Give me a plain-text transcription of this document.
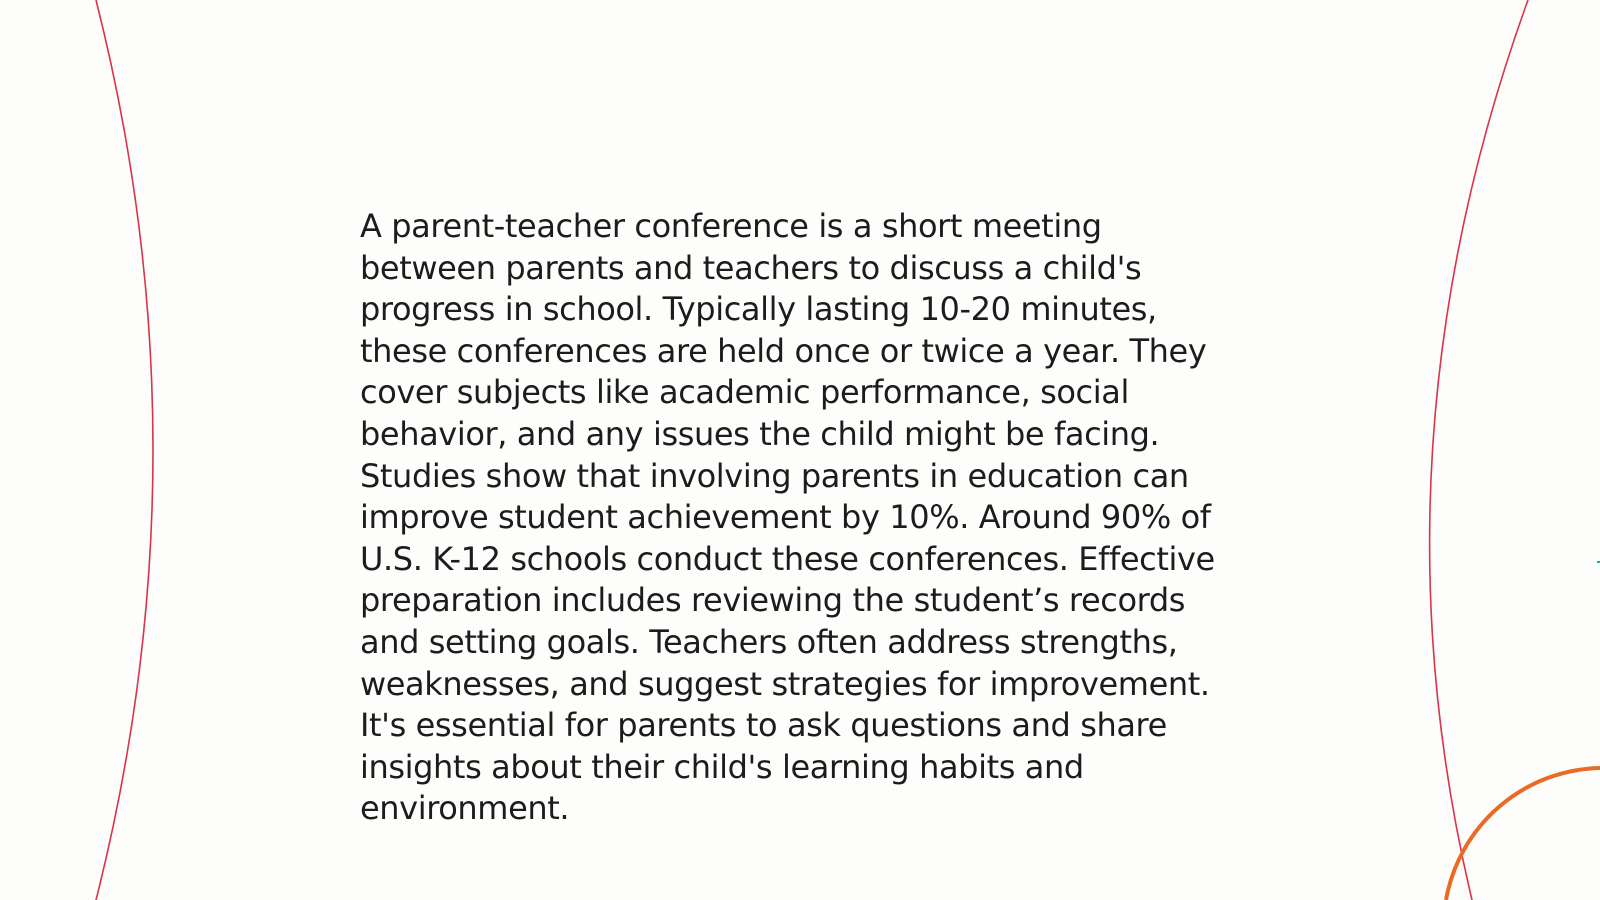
A parent-teacher conference is a short meeting
between parents and teachers to discuss a child's
progress in school. Typically lasting 10-20 minutes,
these conferences are held once or twice a year. They
cover subjects like academic performance, social
behavior, and any issues the child might be facing.
Studies show that involving parents in education can
improve student achievement by 10%. Around 90% of
U.S. K-12 schools conduct these conferences. Effective
preparation includes reviewing the student’s records
and setting goals. Teachers often address strengths,
weaknesses, and suggest strategies for improvement.
It's essential for parents to ask questions and share
insights about their child's learning habits and
environment.
